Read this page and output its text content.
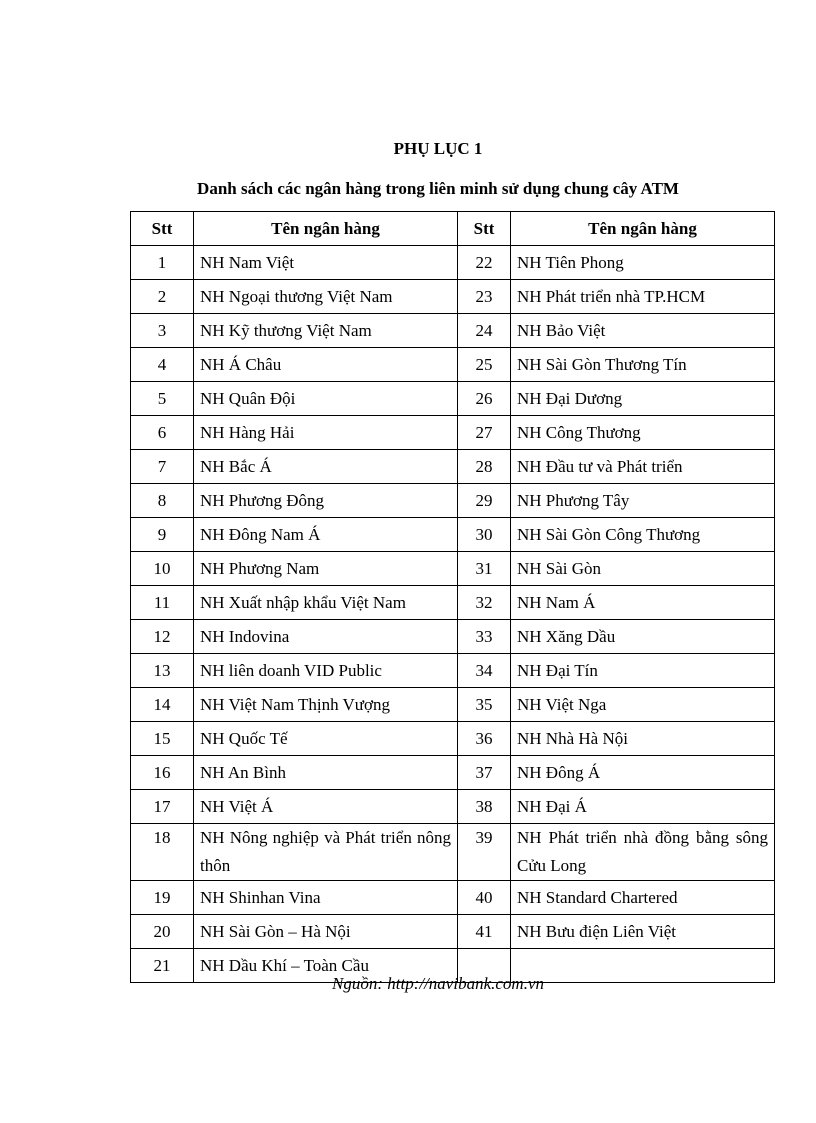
PHỤ LỤC 1
Danh sách các ngân hàng trong liên minh sử dụng chung cây ATM
Stt	Tên ngân hàng	Stt	Tên ngân hàng
1	NH Nam Việt	22	NH Tiên Phong
2	NH Ngoại thương Việt Nam	23	NH Phát triển nhà TP.HCM
3	NH Kỹ thương Việt Nam	24	NH Bảo Việt
4	NH Á Châu	25	NH Sài Gòn Thương Tín
5	NH Quân Đội	26	NH Đại Dương
6	NH Hàng Hải	27	NH Công Thương
7	NH Bắc Á	28	NH Đầu tư và Phát triển
8	NH Phương Đông	29	NH Phương Tây
9	NH Đông Nam Á	30	NH Sài Gòn Công Thương
10	NH Phương Nam	31	NH Sài Gòn
11	NH Xuất nhập khẩu Việt Nam	32	NH Nam Á
12	NH Indovina	33	NH Xăng Dầu
13	NH liên doanh VID Public	34	NH Đại Tín
14	NH Việt Nam Thịnh Vượng	35	NH Việt Nga
15	NH Quốc Tế	36	NH Nhà Hà Nội
16	NH An Bình	37	NH Đông Á
17	NH Việt Á	38	NH Đại Á
18	NH Nông nghiệp và Phát triển nông thôn	39	NH Phát triển nhà đồng bằng sông Cửu Long
19	NH Shinhan Vina	40	NH Standard Chartered
20	NH Sài Gòn – Hà Nội	41	NH Bưu điện Liên Việt
21	NH Dầu Khí – Toàn Cầu		
Nguồn: http://navibank.com.vn
